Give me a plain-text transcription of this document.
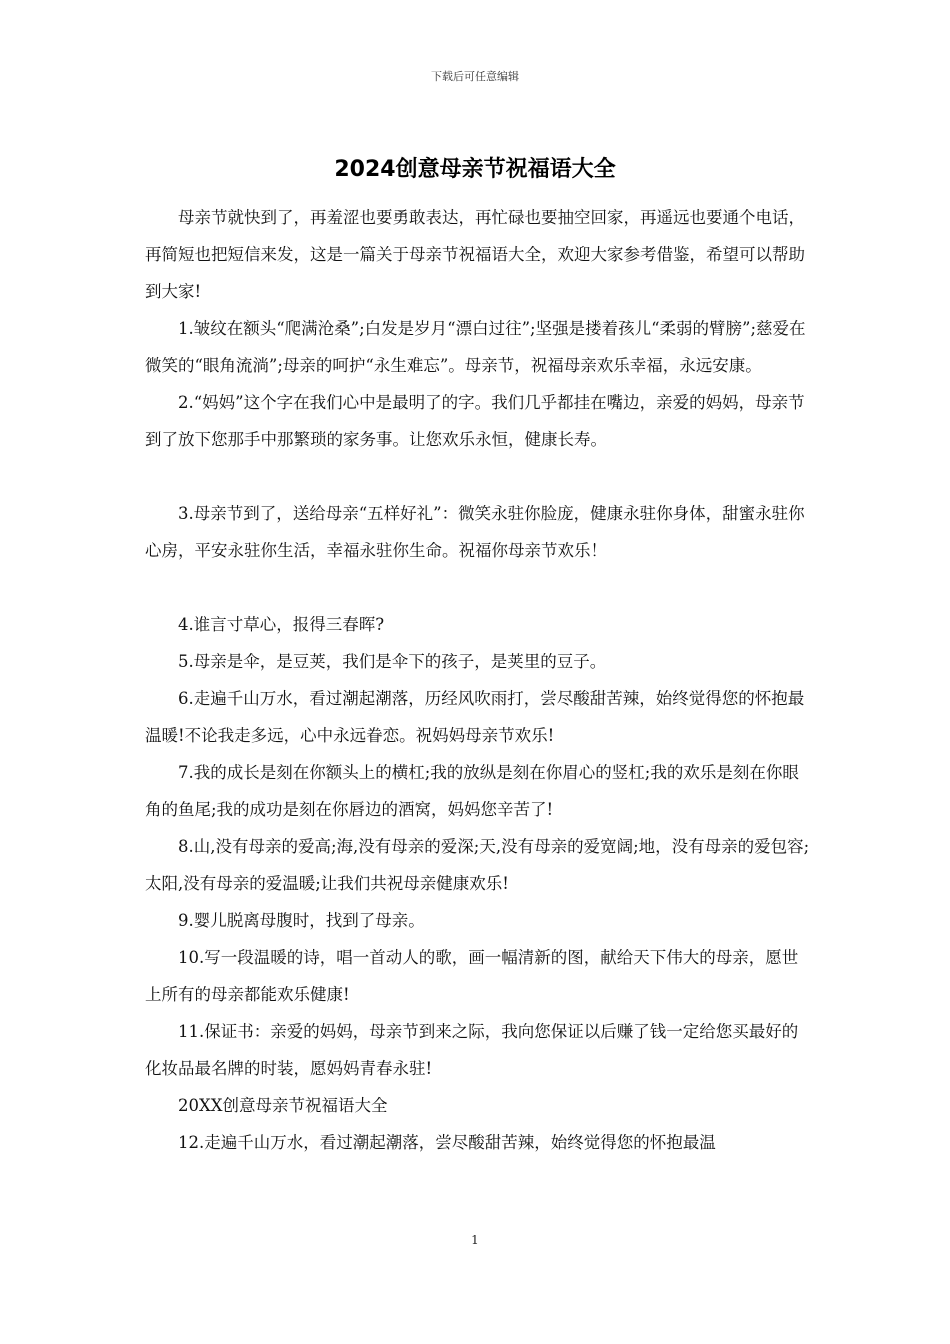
下载后可任意编辑
2024创意母亲节祝福语大全

母亲节就快到了，再羞涩也要勇敢表达，再忙碌也要抽空回家，再遥远也要通个电话，再简短也把短信来发，这是一篇关于母亲节祝福语大全，欢迎大家参考借鉴，希望可以帮助到大家!

1.皱纹在额头“爬满沧桑”;白发是岁月“漂白过往”;坚强是搂着孩儿“柔弱的臂膀”;慈爱在微笑的“眼角流淌”;母亲的呵护“永生难忘”。母亲节，祝福母亲欢乐幸福，永远安康。

2.“妈妈”这个字在我们心中是最明了的字。我们几乎都挂在嘴边，亲爱的妈妈，母亲节到了放下您那手中那繁琐的家务事。让您欢乐永恒，健康长寿。

3.母亲节到了，送给母亲“五样好礼”：微笑永驻你脸庞，健康永驻你身体，甜蜜永驻你心房，平安永驻你生活，幸福永驻你生命。祝福你母亲节欢乐！

4.谁言寸草心，报得三春晖?

5.母亲是伞，是豆荚，我们是伞下的孩子，是荚里的豆子。

6.走遍千山万水，看过潮起潮落，历经风吹雨打，尝尽酸甜苦辣，始终觉得您的怀抱最温暖!不论我走多远，心中永远眷恋。祝妈妈母亲节欢乐!

7.我的成长是刻在你额头上的横杠;我的放纵是刻在你眉心的竖杠;我的欢乐是刻在你眼角的鱼尾;我的成功是刻在你唇边的酒窝，妈妈您辛苦了!

8.山,没有母亲的爱高;海,没有母亲的爱深;天,没有母亲的爱宽阔;地，没有母亲的爱包容;太阳,没有母亲的爱温暖;让我们共祝母亲健康欢乐!

9.婴儿脱离母腹时，找到了母亲。

10.写一段温暖的诗，唱一首动人的歌，画一幅清新的图，献给天下伟大的母亲，愿世上所有的母亲都能欢乐健康!

11.保证书：亲爱的妈妈，母亲节到来之际，我向您保证以后赚了钱一定给您买最好的化妆品最名牌的时装，愿妈妈青春永驻!

20XX创意母亲节祝福语大全

12.走遍千山万水，看过潮起潮落，尝尽酸甜苦辣，始终觉得您的怀抱最温

1
